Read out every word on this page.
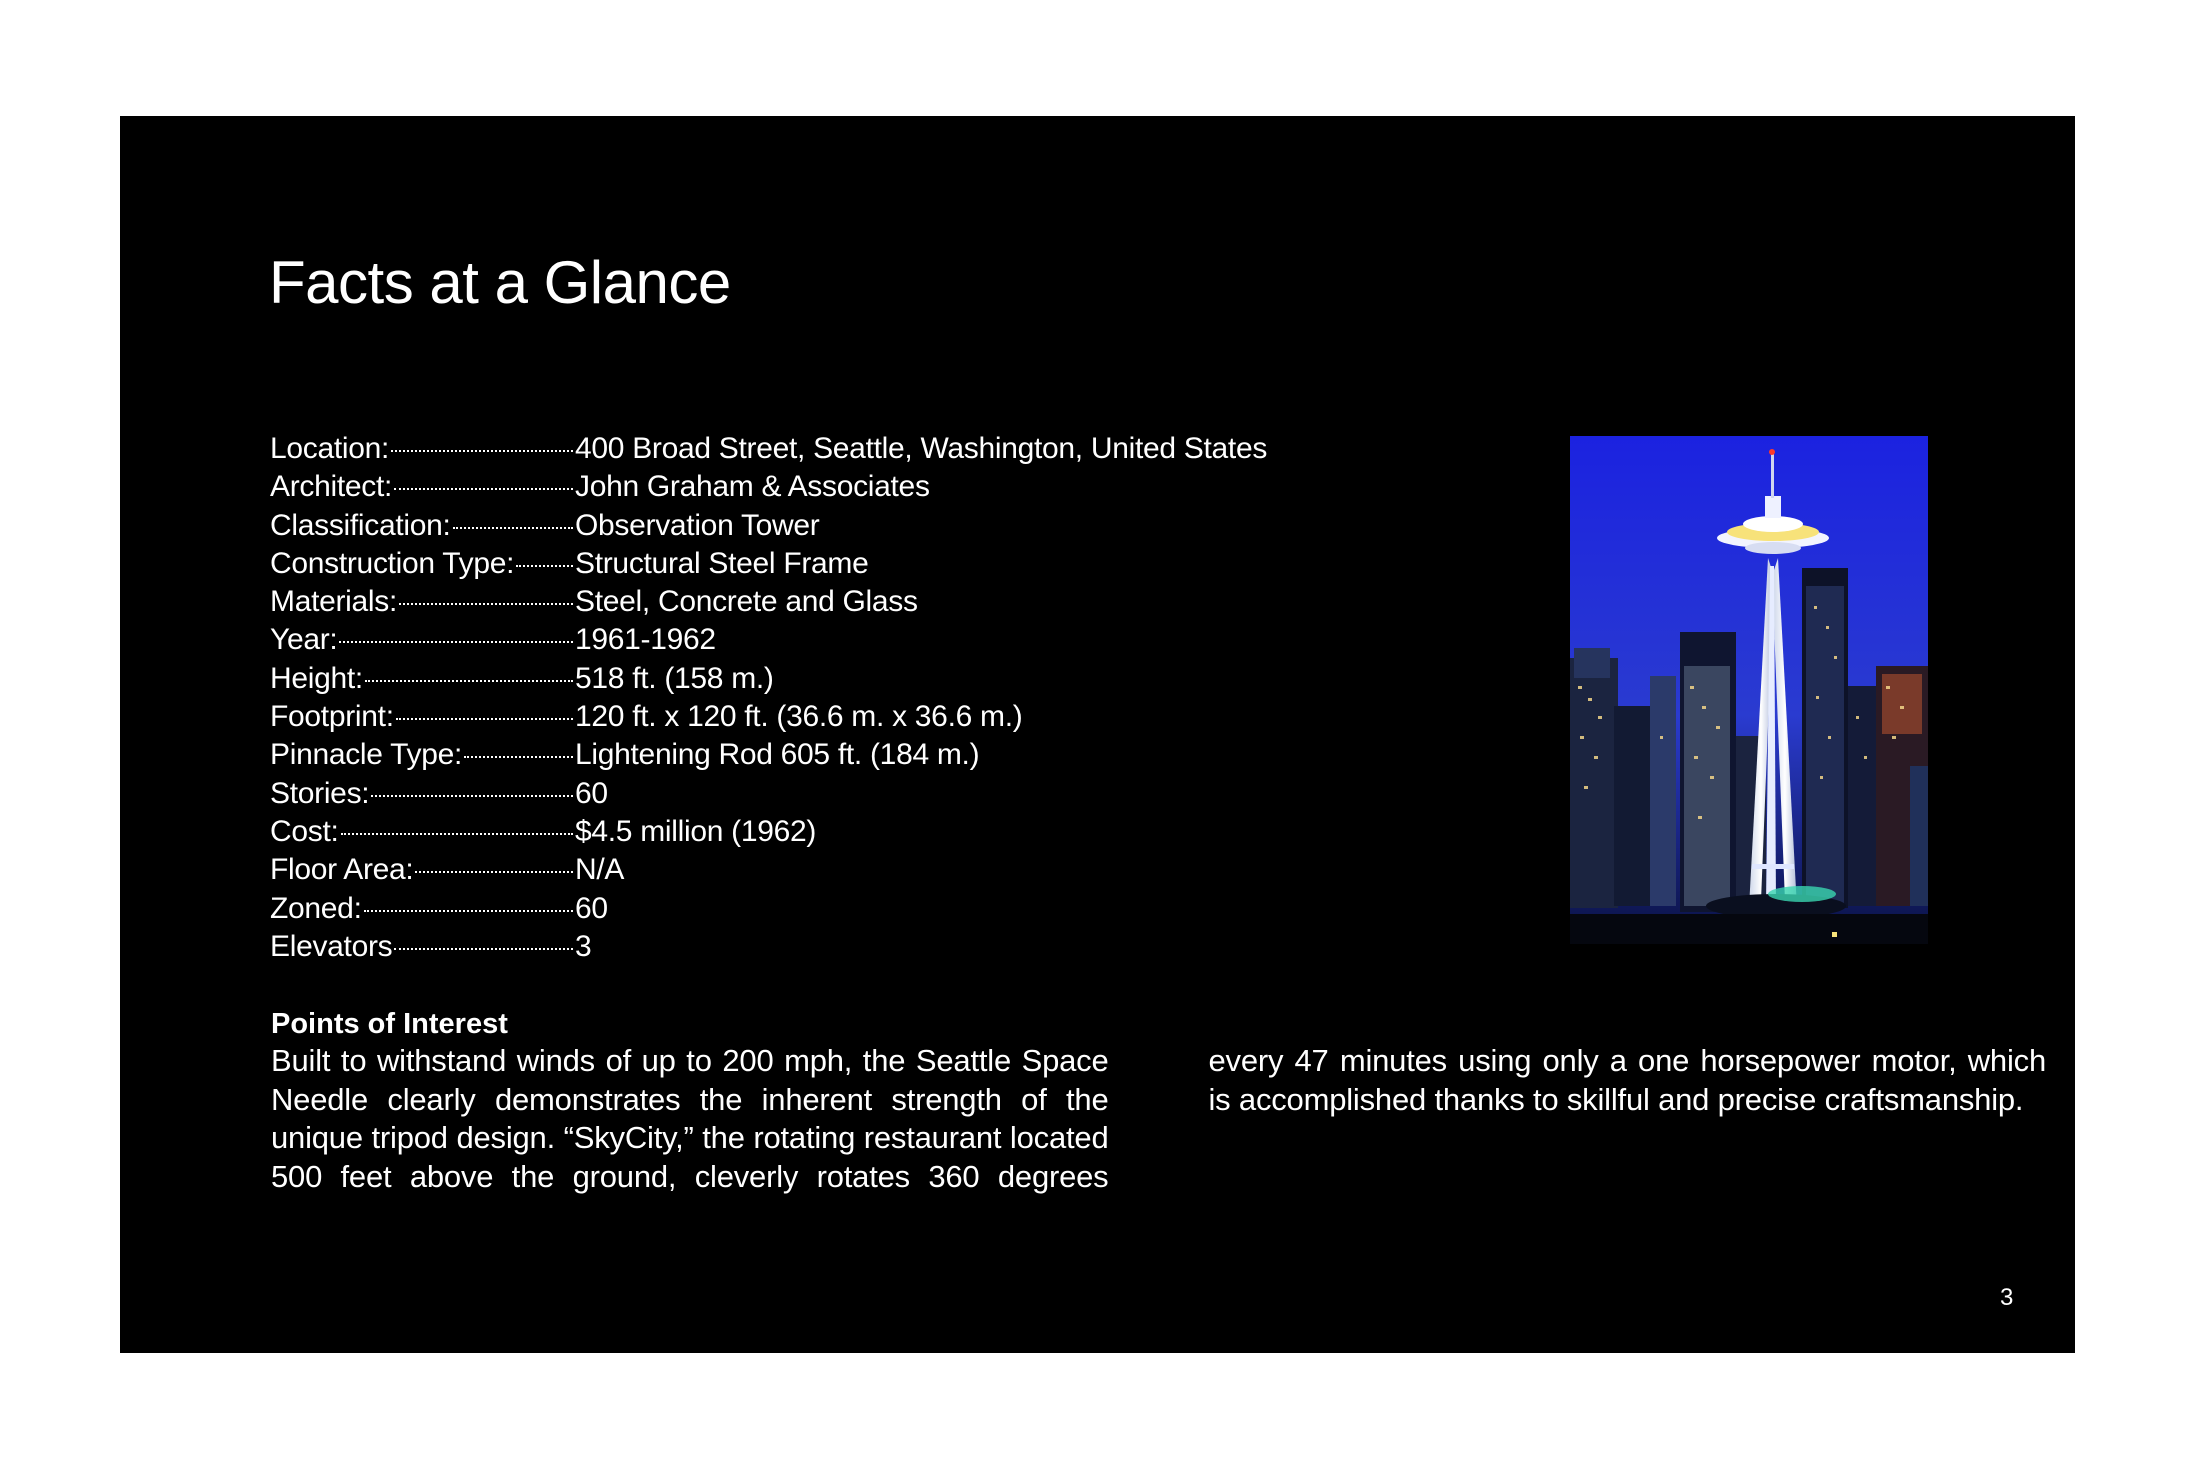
Facts at a Glance
Location:	400 Broad Street, Seattle, Washington, United States
Architect:	John Graham & Associates
Classification:	Observation Tower
Construction Type: Structural Steel Frame
Materials:	Steel, Concrete and Glass
Year:	1961-1962
Height:	518 ft. (158 m.)
Footprint:	120 ft. x 120 ft. (36.6 m. x 36.6 m.)
Pinnacle Type:	Lightening Rod 605 ft. (184 m.)
Stories:	60
Cost:	$4.5 million (1962)
Floor Area:	N/A
Zoned:	60
Elevators	3
Points of Interest

Built to withstand winds of up to 200 mph, the Seattle Space Needle clearly demonstrates the inherent strength of the unique tripod design. “SkyCity,” the rotating restaurant located 500 feet above the ground, cleverly rotates 360 degrees every 47 minutes using only a one horsepower motor, which is accomplished thanks to skillful and precise craftsmanship.

3
